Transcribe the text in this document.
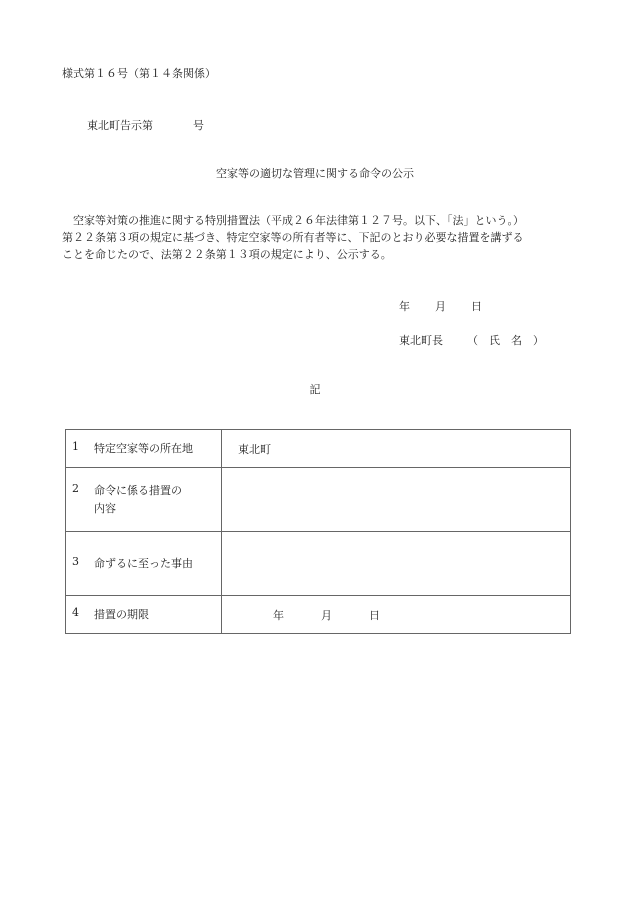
様式第１６号（第１４条関係）
東北町告示第	号
空家等の適切な管理に関する命令の公示

　空家等対策の推進に関する特別措置法（平成２６年法律第１２７号。以下、「法」という。）

第２２条第３項の規定に基づき、特定空家等の所有者等に、下記のとおり必要な措置を講ずる

ことを命じたので、法第２２条第１３項の規定により、公示する。

年 月 日
東北町長 （　氏　名　）
記
1 特定空家等の所在地	東北町
2 命令に係る措置の
内容	
3 命ずるに至った事由	
4 措置の期限	年 月 日
